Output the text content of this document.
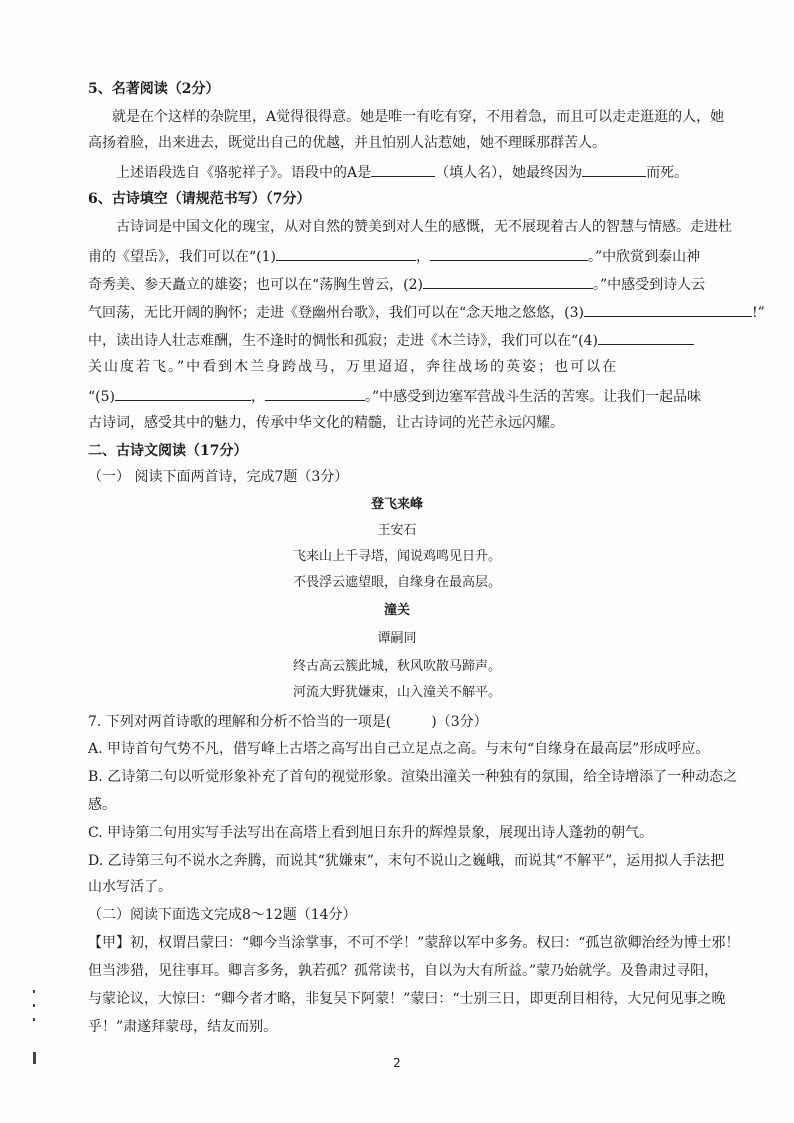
5、名著阅读（2分）
就是在个这样的杂院里，A觉得很得意。她是唯一有吃有穿，不用着急，而且可以走走逛逛的人，她
高扬着脸，出来进去，既觉出自己的优越，并且怕别人沾惹她，她不理睬那群苦人。
上述语段选自《骆驼祥子》。语段中的A是	（填人名），她最终因为	而死。
6、古诗填空（请规范书写）（7分）
古诗词是中国文化的瑰宝，从对自然的赞美到对人生的感慨，无不展现着古人的智慧与情感。走进杜
甫的《望岳》，我们可以在“(1)	，	。”中欣赏到泰山神
奇秀美、参天矗立的雄姿；也可以在“荡胸生曾云，(2)	。”中感受到诗人云
气回荡，无比开阔的胸怀；走进《登幽州台歌》，我们可以在“念天地之悠悠，(3)	!”
中，读出诗人壮志难酬，生不逢时的惆怅和孤寂；走进《木兰诗》，我们可以在“(4)
关山度若飞。”中看到木兰身跨战马，万里迢迢，奔往战场的英姿；也可以在
“(5)	，	。”中感受到边塞军营战斗生活的苦寒。让我们一起品味
古诗词，感受其中的魅力，传承中华文化的精髓，让古诗词的光芒永远闪耀。
二、古诗文阅读（17分）
（一） 阅读下面两首诗，完成7题（3分）
登飞来峰
王安石
飞来山上千寻塔，闻说鸡鸣见日升。
不畏浮云遮望眼，自缘身在最高层。
潼关
谭嗣同
终古高云簇此城，秋风吹散马蹄声。
河流大野犹嫌束，山入潼关不解平。
7. 下列对两首诗歌的理解和分析不恰当的一项是(	)（3分）
A. 甲诗首句气势不凡，借写峰上古塔之高写出自己立足点之高。与末句“自缘身在最高层”形成呼应。
B. 乙诗第二句以听觉形象补充了首句的视觉形象。渲染出潼关一种独有的氛围，给全诗增添了一种动态之
感。
C. 甲诗第二句用实写手法写出在高塔上看到旭日东升的辉煌景象，展现出诗人蓬勃的朝气。
D. 乙诗第三句不说水之奔腾，而说其“犹嫌束”，末句不说山之巍峨，而说其“不解平”，运用拟人手法把
山水写活了。
（二）阅读下面选文完成8～12题（14分）
【甲】初，权谓吕蒙曰：“卿今当涂掌事，不可不学！”蒙辞以军中多务。权曰：“孤岂欲卿治经为博士邪！
但当涉猎，见往事耳。卿言多务，孰若孤？孤常读书，自以为大有所益。”蒙乃始就学。及鲁肃过寻阳，
与蒙论议，大惊曰：“卿今者才略，非复吴下阿蒙！”蒙曰：“士别三日，即更刮目相待，大兄何见事之晚
乎！”肃遂拜蒙母，结友而别。
2
